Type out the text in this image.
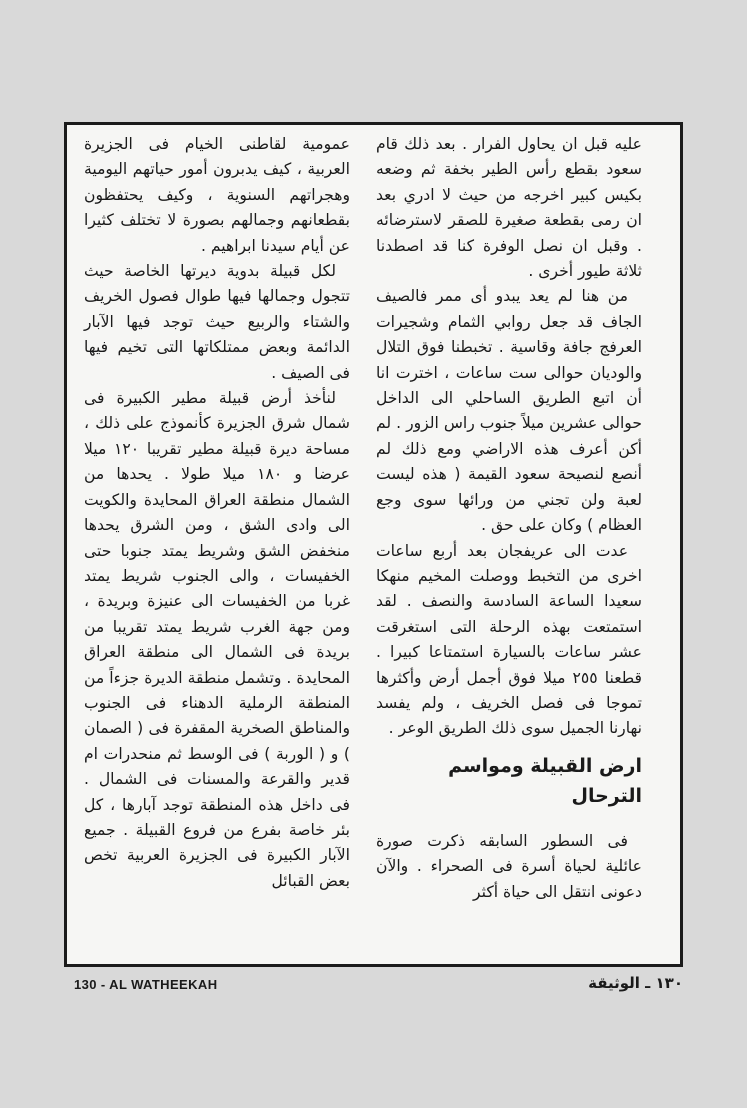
عليه قبل ان يحاول الفرار . بعد ذلك قام سعود بقطع رأس الطير بخفة ثم وضعه بكيس كبير اخرجه من حيث لا ادري بعد ان رمى بقطعة صغيرة للصقر لاسترضائه . وقبل ان نصل الوفرة كنا قد اصطدنا ثلاثة طيور أخرى .

من هنا لم يعد يبدو أى ممر فالصيف الجاف قد جعل روابي الثمام وشجيرات العرفج جافة وقاسية . تخبطنا فوق التلال والوديان حوالى ست ساعات ، اخترت انا أن اتبع الطريق الساحلي الى الداخل حوالى عشرين ميلاً جنوب راس الزور . لم أكن أعرف هذه الاراضي ومع ذلك لم أنصع لنصيحة سعود القيمة ( هذه ليست لعبة ولن تجني من ورائها سوى وجع العظام ) وكان على حق .

عدت الى عريفجان بعد أربع ساعات اخرى من التخبط ووصلت المخيم منهكا سعيدا الساعة السادسة والنصف . لقد استمتعت بهذه الرحلة التى استغرقت عشر ساعات بالسيارة استمتاعا كبيرا . قطعنا ٢٥٥ ميلا فوق أجمل أرض وأكثرها تموجا فى فصل الخريف ، ولم يفسد نهارنا الجميل سوى ذلك الطريق الوعر .

ارض القبيلة ومواسم الترحال

فى السطور السابقه ذكرت صورة عائلية لحياة أسرة فى الصحراء . والآن دعونى انتقل الى حياة أكثر

عمومية لقاطنى الخيام فى الجزيرة العربية ، كيف يدبرون أمور حياتهم اليومية وهجراتهم السنوية ، وكيف يحتفظون بقطعانهم وجمالهم بصورة لا تختلف كثيرا عن أيام سيدنا ابراهيم .

لكل قبيلة بدوية ديرتها الخاصة حيث تتجول وجمالها فيها طوال فصول الخريف والشتاء والربيع حيث توجد فيها الآبار الدائمة وبعض ممتلكاتها التى تخيم فيها فى الصيف .

لنأخذ أرض قبيلة مطير الكبيرة فى شمال شرق الجزيرة كأنموذج على ذلك ، مساحة ديرة قبيلة مطير تقريبا ١٢٠ ميلا عرضا و ١٨٠ ميلا طولا . يحدها من الشمال منطقة العراق المحايدة والكويت الى وادى الشق ، ومن الشرق يحدها منخفض الشق وشريط يمتد جنوبا حتى الخفيسات ، والى الجنوب شريط يمتد غربا من الخفيسات الى عنيزة وبريدة ، ومن جهة الغرب شريط يمتد تقريبا من بريدة فى الشمال الى منطقة العراق المحايدة . وتشمل منطقة الديرة جزءاً من المنطقة الرملية الدهناء فى الجنوب والمناطق الصخرية المقفرة فى ( الصمان ) و ( الوربة ) فى الوسط ثم منحدرات ام قدير والقرعة والمسنات فى الشمال . فى داخل هذه المنطقة توجد آبارها ، كل بئر خاصة بفرع من فروع القبيلة . جميع الآبار الكبيرة فى الجزيرة العربية تخص بعض القبائل

130 - AL WATHEEKAH	١٣٠ ـ الوثيقة
